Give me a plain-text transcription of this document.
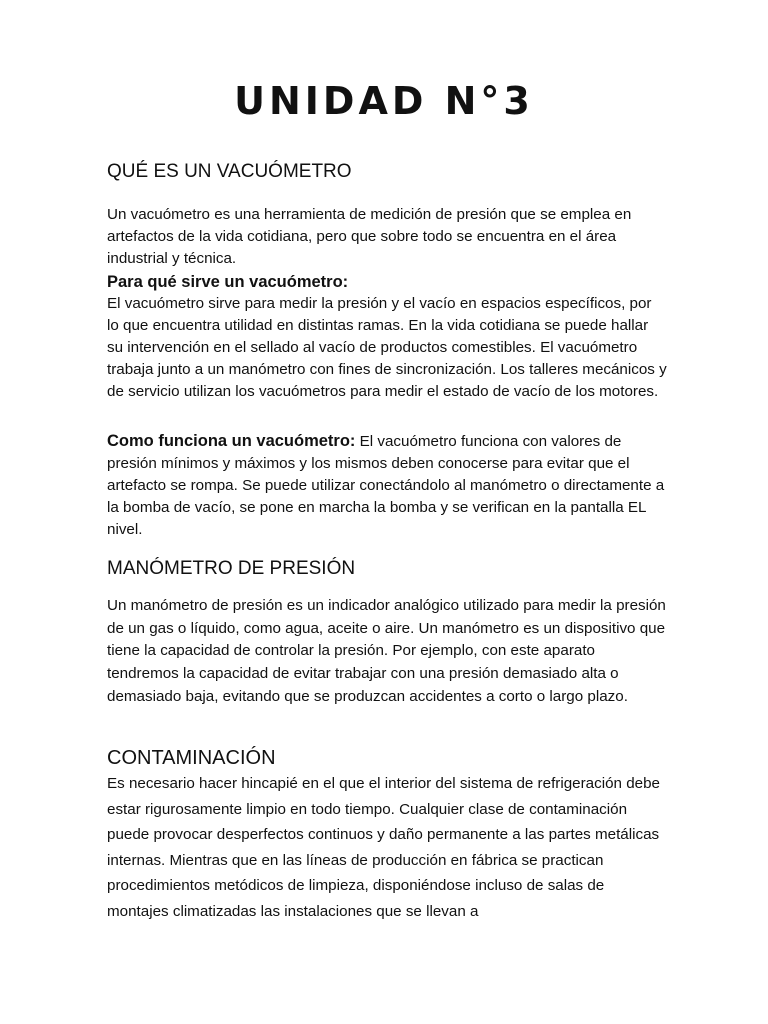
UNIDAD N°3
QUÉ ES UN VACUÓMETRO

Un vacuómetro es una herramienta de medición de presión que se emplea en artefactos de la vida cotidiana, pero que sobre todo se encuentra en el área industrial y técnica.

Para qué sirve un vacuómetro:
El vacuómetro sirve para medir la presión y el vacío en espacios específicos, por lo que encuentra utilidad en distintas ramas. En la vida cotidiana se puede hallar su intervención en el sellado al vacío de productos comestibles. El vacuómetro trabaja junto a un manómetro con fines de sincronización. Los talleres mecánicos y de servicio utilizan los vacuómetros para medir el estado de vacío de los motores.

Como funciona un vacuómetro: El vacuómetro funciona con valores de presión mínimos y máximos y los mismos deben conocerse para evitar que el artefacto se rompa. Se puede utilizar conectándolo al manómetro o directamente a la bomba de vacío, se pone en marcha la bomba y se verifican en la pantalla EL nivel.

MANÓMETRO DE PRESIÓN

Un manómetro de presión es un indicador analógico utilizado para medir la presión de un gas o líquido, como agua, aceite o aire. Un manómetro es un dispositivo que tiene la capacidad de controlar la presión. Por ejemplo, con este aparato tendremos la capacidad de evitar trabajar con una presión demasiado alta o demasiado baja, evitando que se produzcan accidentes a corto o largo plazo.

CONTAMINACIÓN

Es necesario hacer hincapié en el que el interior del sistema de refrigeración debe estar rigurosamente limpio en todo tiempo. Cualquier clase de contaminación puede provocar desperfectos continuos y daño permanente a las partes metálicas internas. Mientras que en las líneas de producción en fábrica se practican procedimientos metódicos de limpieza, disponiéndose incluso de salas de montajes climatizadas las instalaciones que se llevan a
